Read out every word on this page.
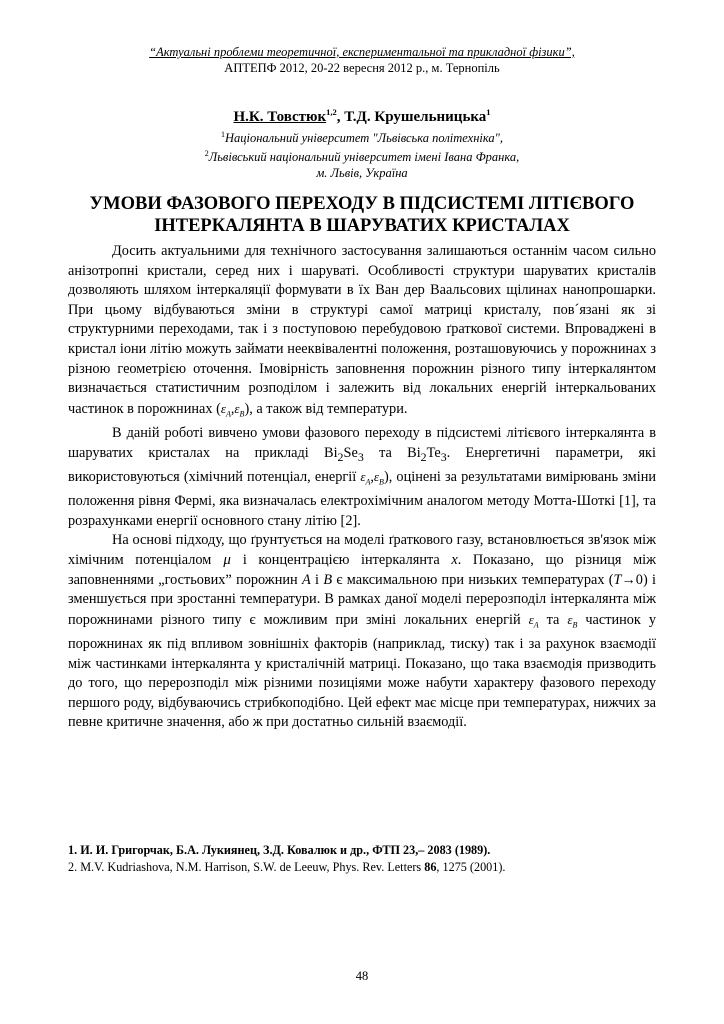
“Актуальні проблеми теоретичної, експериментальної та прикладної фізики”,
АПТЕПФ 2012, 20-22 вересня 2012 р., м. Тернопіль
Н.К. Товстюк$^{1,2}$, Т.Д. Крушельницька$^1$
$^1$Національний університет "Львівська політехніка",
$^2$Львівський національний університет імені Івана Франка,
м. Львів, Україна
УМОВИ ФАЗОВОГО ПЕРЕХОДУ В ПІДСИСТЕМІ ЛІТІЄВОГО ІНТЕРКАЛЯНТА В ШАРУВАТИХ КРИСТАЛАХ

Досить актуальними для технічного застосування залишаються останнім часом сильно анізотропні кристали, серед них і шаруваті. Особливості структури шаруватих кристалів дозволяють шляхом інтеркаляції формувати в їх Ван дер Ваальсових щілинах нанопрошарки. При цьому відбуваються зміни в структурі самої матриці кристалу, пов´язані як зі структурними переходами, так і з поступовою перебудовою ґраткової системи. Впроваджені в кристал іони літію можуть займати нееквівалентні положення, розташовуючись у порожнинах з різною геометрією оточення. Імовірність заповнення порожнин різного типу інтеркалянтом визначається статистичним розподілом і залежить від локальних енергій інтеркальованих частинок в порожнинах $(\varepsilon_A,\varepsilon_B)$, а також від температури.

В даній роботі вивчено умови фазового переходу в підсистемі літієвого інтеркалянта в шаруватих кристалах на прикладі $Bi_2Se_3$ та $Bi_2Te_3$. Енергетичні параметри, які використовуються (хімічний потенціал, енергії $\varepsilon_A,\varepsilon_B$), оцінені за результатами вимірювань зміни положення рівня Фермі, яка визначалась електрохімічним аналогом методу Мотта-Шоткі [1], та розрахунками енергії основного стану літію [2].

На основі підходу, що ґрунтується на моделі ґраткового газу, встановлюється зв'язок між хімічним потенціалом μ і концентрацією інтеркалянта x. Показано, що різниця між заповненнями „гостьових” порожнин A і B є максимальною при низьких температурах (T→0) і зменшується при зростанні температури. В рамках даної моделі перерозподіл інтеркалянта між порожнинами різного типу є можливим при зміні локальних енергій $\varepsilon_A$ та $\varepsilon_B$ частинок у порожнинах як під впливом зовнішніх факторів (наприклад, тиску) так і за рахунок взаємодії між частинками інтеркалянта у кристалічній матриці. Показано, що така взаємодія призводить до того, що перерозподіл між різними позиціями може набути характеру фазового переходу першого роду, відбуваючись стрибкоподібно. Цей ефект має місце при температурах, нижчих за певне критичне значення, або ж при достатньо сильній взаємодії.

1. И. И. Григорчак, Б.А. Лукиянец, З.Д. Ковалюк и др., ФТП 23,– 2083 (1989).
2. M.V. Kudriashova, N.M. Harrison, S.W. de Leeuw, Phys. Rev. Letters 86, 1275 (2001).
48
